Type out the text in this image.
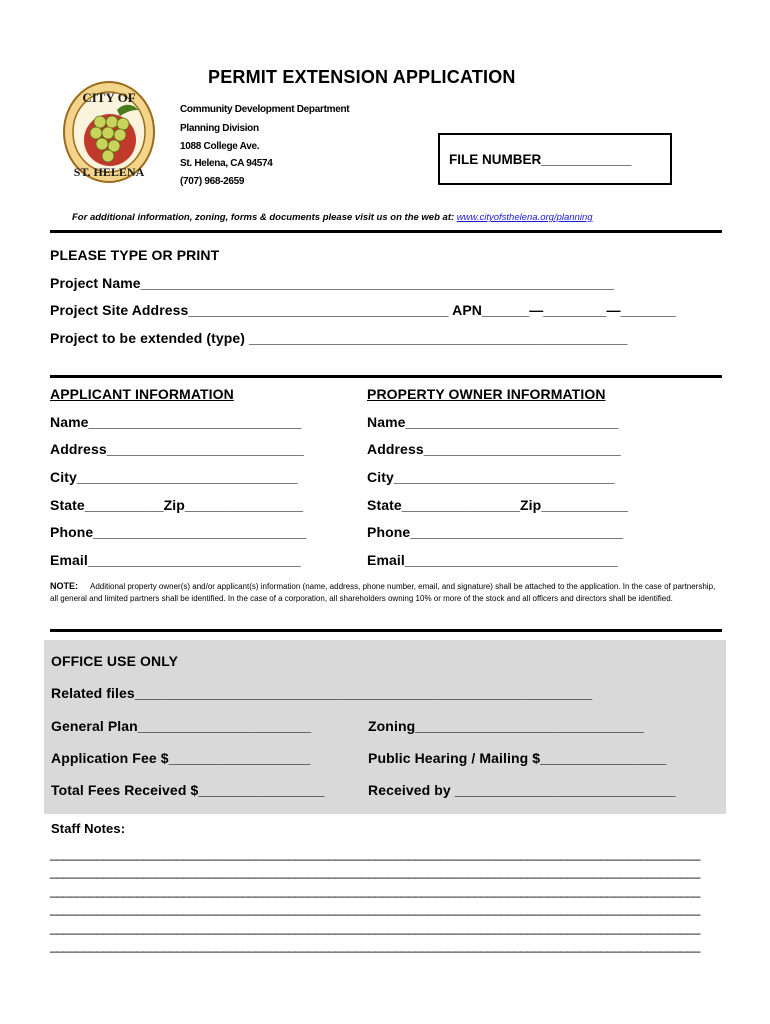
CITY OF
ST. HELENA
PERMIT EXTENSION APPLICATION
Community Development Department
Planning Division
1088 College Ave.
St. Helena, CA 94574
(707) 968-2659
FILE NUMBER____________
For additional information, zoning, forms & documents please visit us on the web at: www.cityofsthelena.org/planning
PLEASE TYPE OR PRINT
Project Name____________________________________________________________
Project Site Address_________________________________ APN______—________—_______
Project to be extended (type) ________________________________________________
APPLICANT INFORMATION
Name___________________________
Address_________________________
City____________________________
State__________Zip_______________
Phone___________________________
Email___________________________
PROPERTY OWNER INFORMATION
Name___________________________
Address_________________________
City____________________________
State_______________Zip___________
Phone___________________________
Email___________________________
NOTE: Additional property owner(s) and/or applicant(s) information (name, address, phone number, email, and signature) shall be attached to the application. In the case of partnership, all general and limited partners shall be identified. In the case of a corporation, all shareholders owning 10% or more of the stock and all officers and directors shall be identified.
OFFICE USE ONLY
Related files__________________________________________________________
General Plan______________________	Zoning_____________________________
Application Fee $__________________	Public Hearing / Mailing $________________
Total Fees Received $________________	Received by ____________________________
Staff Notes:
__________________________________________________________________________________________________
__________________________________________________________________________________________________
__________________________________________________________________________________________________
__________________________________________________________________________________________________
__________________________________________________________________________________________________
__________________________________________________________________________________________________
